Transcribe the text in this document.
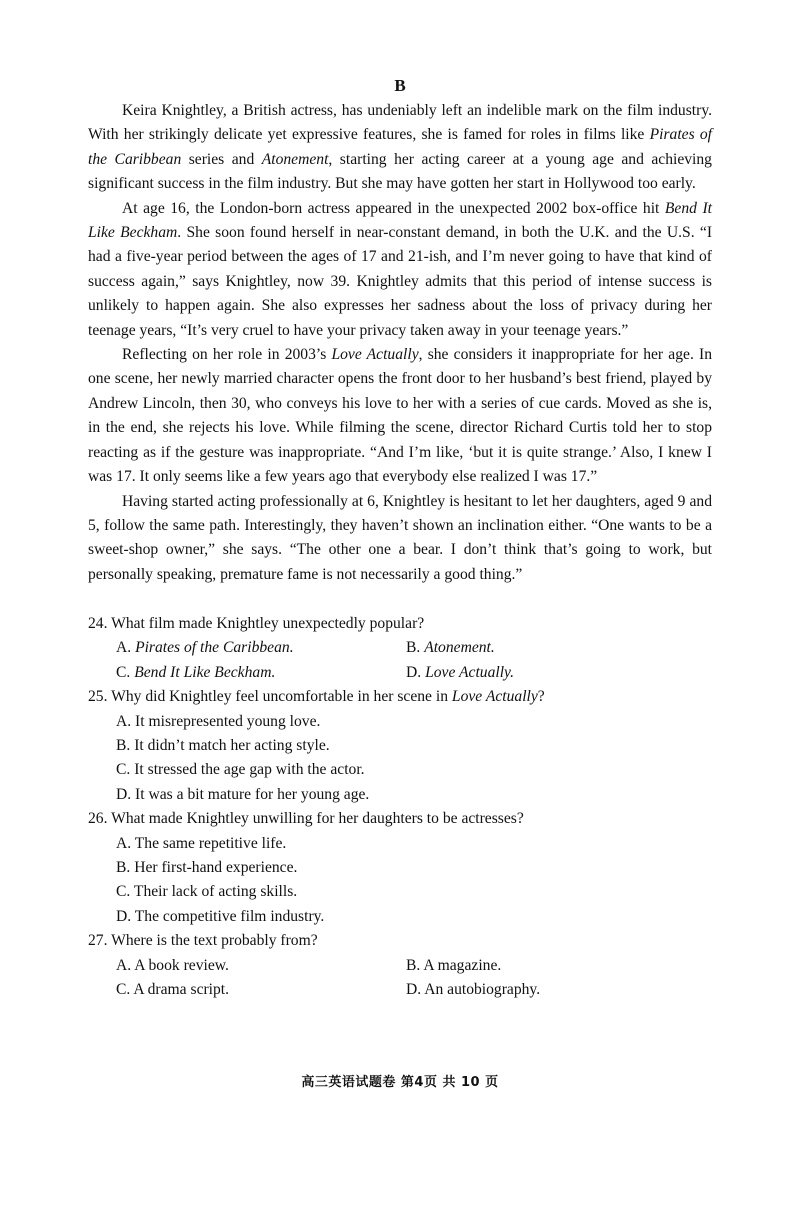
B

Keira Knightley, a British actress, has undeniably left an indelible mark on the film industry. With her strikingly delicate yet expressive features, she is famed for roles in films like Pirates of the Caribbean series and Atonement, starting her acting career at a young age and achieving significant success in the film industry. But she may have gotten her start in Hollywood too early.

At age 16, the London-born actress appeared in the unexpected 2002 box-office hit Bend It Like Beckham. She soon found herself in near-constant demand, in both the U.K. and the U.S. “I had a five-year period between the ages of 17 and 21-ish, and I’m never going to have that kind of success again,” says Knightley, now 39. Knightley admits that this period of intense success is unlikely to happen again. She also expresses her sadness about the loss of privacy during her teenage years, “It’s very cruel to have your privacy taken away in your teenage years.”

Reflecting on her role in 2003’s Love Actually, she considers it inappropriate for her age. In one scene, her newly married character opens the front door to her husband’s best friend, played by Andrew Lincoln, then 30, who conveys his love to her with a series of cue cards. Moved as she is, in the end, she rejects his love. While filming the scene, director Richard Curtis told her to stop reacting as if the gesture was inappropriate. “And I’m like, ‘but it is quite strange.’ Also, I knew I was 17. It only seems like a few years ago that everybody else realized I was 17.”

Having started acting professionally at 6, Knightley is hesitant to let her daughters, aged 9 and 5, follow the same path. Interestingly, they haven’t shown an inclination either. “One wants to be a sweet-shop owner,” she says. “The other one a bear. I don’t think that’s going to work, but personally speaking, premature fame is not necessarily a good thing.”

24. What film made Knightley unexpectedly popular?

A. Pirates of the Caribbean.	B. Atonement.

C. Bend It Like Beckham.	D. Love Actually.

25. Why did Knightley feel uncomfortable in her scene in Love Actually?

A. It misrepresented young love.

B. It didn’t match her acting style.

C. It stressed the age gap with the actor.

D. It was a bit mature for her young age.

26. What made Knightley unwilling for her daughters to be actresses?

A. The same repetitive life.

B. Her first-hand experience.

C. Their lack of acting skills.

D. The competitive film industry.

27. Where is the text probably from?

A. A book review.	B. A magazine.

C. A drama script.	D. An autobiography.

高三英语试题卷 第4页 共 10 页
